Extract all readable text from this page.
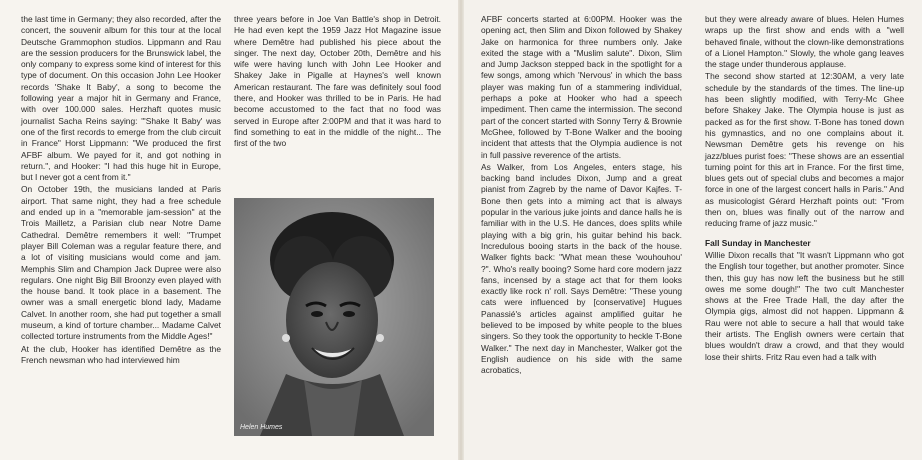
the last time in Germany; they also recorded, after the concert, the souvenir album for this tour at the local Deutsche Grammophon studios. Lippmann and Rau are the session producers for the Brunswick label, the only company to express some kind of interest for this type of document. On this occasion John Lee Hooker records 'Shake It Baby', a song to become the following year a major hit in Germany and France, with over 100.000 sales. Herzhaft quotes music journalist Sacha Reins saying: "'Shake It Baby' was one of the first records to emerge from the club circuit in France" Horst Lippmann: "We produced the first AFBF album. We payed for it, and got nothing in return.", and Hooker: "I had this huge hit in Europe, but I never got a cent from it."

On October 19th, the musicians landed at Paris airport. That same night, they had a free schedule and ended up in a "memorable jam-session" at the Trois Mailletz, a Parisian club near Notre Dame Cathedral. Demêtre remembers it well: "Trumpet player Bill Coleman was a regular feature there, and a lot of visiting musicians would come and jam. Memphis Slim and Champion Jack Dupree were also regulars. One night Big Bill Broonzy even played with the house band. It took place in a basement. The owner was a small energetic blond lady, Madame Calvet. In another room, she had put together a small museum, a kind of torture chamber... Madame Calvet collected torture instruments from the Middle Ages!"

At the club, Hooker has identified Demêtre as the French newsman who had interviewed him

three years before in Joe Van Battle's shop in Detroit. He had even kept the 1959 Jazz Hot Magazine issue where Demêtre had published his piece about the singer. The next day, October 20th, Demêtre and his wife were having lunch with John Lee Hooker and Shakey Jake in Pigalle at Haynes's well known American restaurant. The fare was definitely soul food there, and Hooker was thrilled to be in Paris. He had become accustomed to the fact that no food was served in Europe after 2:00PM and that it was hard to find something to eat in the middle of the night... The first of the two

Helen Humes

AFBF concerts started at 6:00PM. Hooker was the opening act, then Slim and Dixon followed by Shakey Jake on harmonica for three numbers only. Jake exited the stage with a "Muslim salute". Dixon, Slim and Jump Jackson stepped back in the spotlight for a few songs, among which 'Nervous' in which the bass player was making fun of a stammering individual, perhaps a poke at Hooker who had a speech impediment. Then came the intermission. The second part of the concert started with Sonny Terry & Brownie McGhee, followed by T-Bone Walker and the booing incident that attests that the Olympia audience is not in full passive reverence of the artists.

As Walker, from Los Angeles, enters stage, his backing band includes Dixon, Jump and a great pianist from Zagreb by the name of Davor Kajfes. T-Bone then gets into a miming act that is always popular in the various juke joints and dance halls he is familiar with in the U.S. He dances, does splits while playing with a big grin, his guitar behind his back. Incredulous booing starts in the back of the house. Walker fights back: "What mean these 'wouhouhou' ?". Who's really booing? Some hard core modern jazz fans, incensed by a stage act that for them looks exactly like rock n' roll. Says Demêtre: "These young cats were influenced by [conservative] Hugues Panassié's articles against amplified guitar he believed to be imposed by white people to the blues singers. So they took the opportunity to heckle T-Bone Walker." The next day in Manchester, Walker got the English audience on his side with the same acrobatics,

but they were already aware of blues. Helen Humes wraps up the first show and ends with a "well behaved finale, without the clown-like demonstrations of a Lionel Hampton." Slowly, the whole gang leaves the stage under thunderous applause.

The second show started at 12:30AM, a very late schedule by the standards of the times. The line-up has been slightly modified, with Terry-Mc Ghee before Shakey Jake. The Olympia house is just as packed as for the first show. T-Bone has toned down his gymnastics, and no one complains about it. Newsman Demêtre gets his revenge on his jazz/blues purist foes: "These shows are an essential turning point for this art in France. For the first time, blues gets out of special clubs and becomes a major force in one of the largest concert halls in Paris." And as musicologist Gérard Herzhaft points out: "From then on, blues was finally out of the narrow and reducing frame of jazz music."

Fall Sunday in Manchester

Willie Dixon recalls that "It wasn't Lippmann who got the English tour together, but another promoter. Since then, this guy has now left the business but he still owes me some dough!" The two cult Manchester shows at the Free Trade Hall, the day after the Olympia gigs, almost did not happen. Lippmann & Rau were not able to secure a hall that would take their artists. The English owners were certain that blues wouldn't draw a crowd, and that they would lose their shirts. Fritz Rau even had a talk with
